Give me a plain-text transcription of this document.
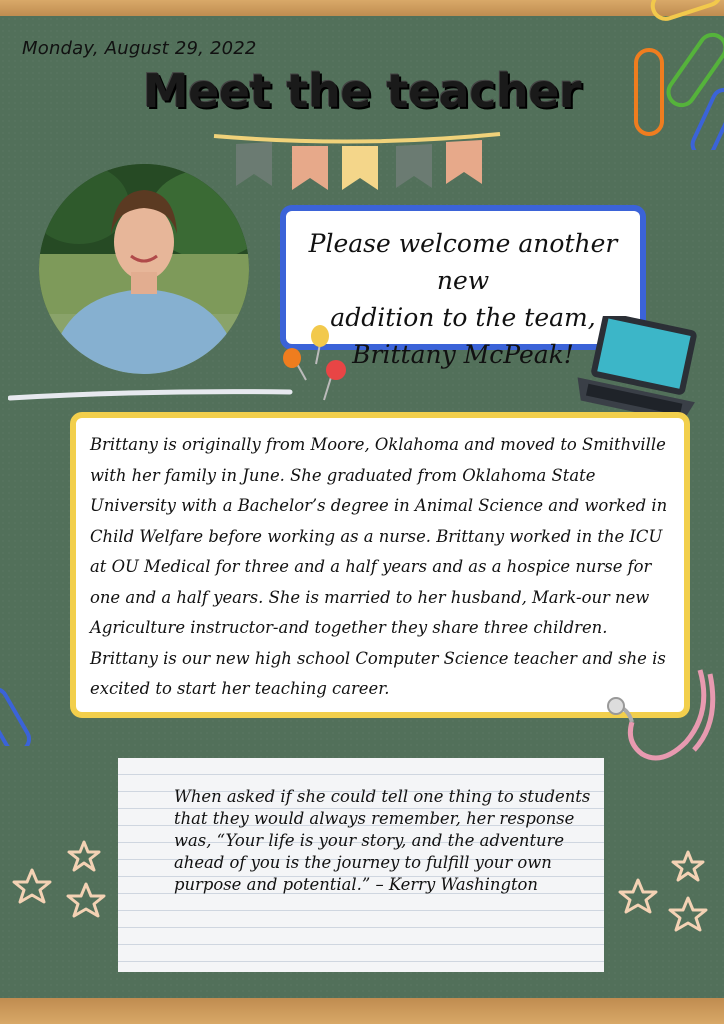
Monday, August 29, 2022
Meet the teacher
Please welcome another new
addition to the team,
Brittany McPeak!
Brittany is originally from Moore, Oklahoma and moved to Smithville with her family in June. She graduated from Oklahoma State University with a Bachelor’s degree in Animal Science and worked in Child Welfare before working as a nurse. Brittany worked in the ICU at OU Medical for three and a half years and as a hospice nurse for one and a half years. She is married to her husband, Mark-our new Agriculture instructor-and together they share three children. Brittany is our new high school Computer Science teacher and she is excited to start her teaching career.
When asked if she could tell one thing to students that they would always remember, her response was, “Your life is your story, and the adventure ahead of you is the journey to fulfill your own purpose and potential.” – Kerry Washington
